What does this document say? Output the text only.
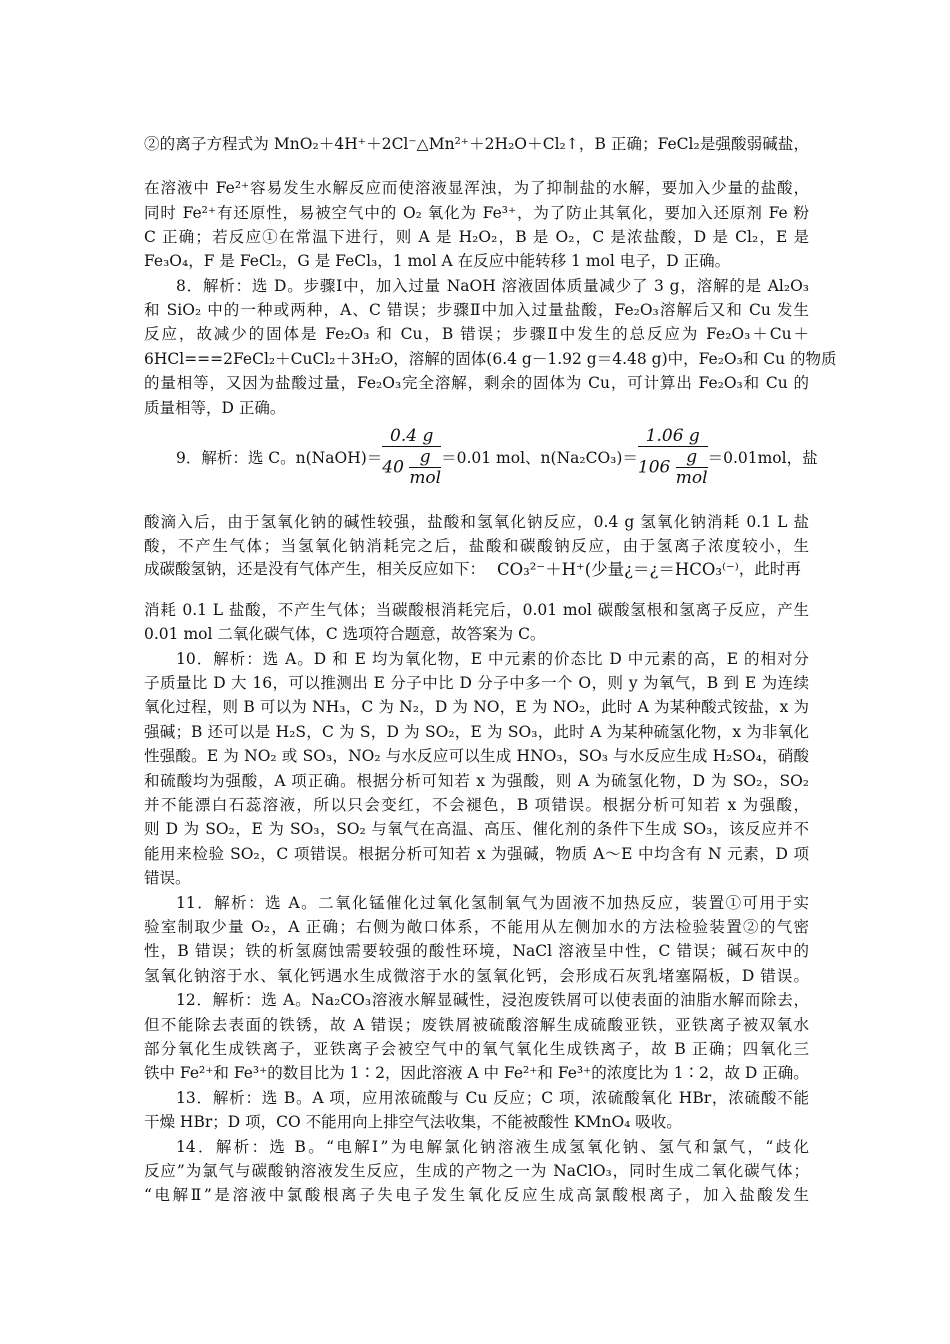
②的离子方程式为 MnO₂＋4H⁺＋2Cl⁻△Mn²⁺＋2H₂O＋Cl₂↑，B 正确；FeCl₂是强酸弱碱盐，
在溶液中 Fe²⁺容易发生水解反应而使溶液显浑浊，为了抑制盐的水解，要加入少量的盐酸，
同时 Fe²⁺有还原性，易被空气中的 O₂ 氧化为 Fe³⁺，为了防止其氧化，要加入还原剂 Fe 粉
C 正确；若反应①在常温下进行，则 A 是 H₂O₂，B 是 O₂，C 是浓盐酸，D 是 Cl₂，E 是
Fe₃O₄，F 是 FeCl₂，G 是 FeCl₃，1 mol A 在反应中能转移 1 mol 电子，D 正确。
8．解析：选 D。步骤Ⅰ中，加入过量 NaOH 溶液固体质量减少了 3 g，溶解的是 Al₂O₃
和 SiO₂ 中的一种或两种，A、C 错误；步骤Ⅱ中加入过量盐酸，Fe₂O₃溶解后又和 Cu 发生
反应，故减少的固体是 Fe₂O₃ 和 Cu，B 错误；步骤Ⅱ中发生的总反应为 Fe₂O₃＋Cu＋
6HCl===2FeCl₂＋CuCl₂＋3H₂O，溶解的固体(6.4 g－1.92 g＝4.48 g)中，Fe₂O₃和 Cu 的物质
的量相等，又因为盐酸过量，Fe₂O₃完全溶解，剩余的固体为 Cu，可计算出 Fe₂O₃和 Cu 的
质量相等，D 正确。
9．解析：选 C。n(NaOH)＝ 0.4 g
40
g
mol ＝0.01 mol、n(Na₂CO₃)＝ 1.06 g
106
g
mol ＝0.01mol，盐
酸滴入后，由于氢氧化钠的碱性较强，盐酸和氢氧化钠反应，0.4 g 氢氧化钠消耗 0.1 L 盐
酸，不产生气体；当氢氧化钠消耗完之后，盐酸和碳酸钠反应，由于氢离子浓度较小，生
成碳酸氢钠，还是没有气体产生，相关反应如下： CO₃²⁻＋H⁺(少量¿＝¿＝HCO₃⁽⁻⁾ ，此时再
消耗 0.1 L 盐酸，不产生气体；当碳酸根消耗完后，0.01 mol 碳酸氢根和氢离子反应，产生
0.01 mol 二氧化碳气体，C 选项符合题意，故答案为 C。
10．解析：选 A。D 和 E 均为氧化物，E 中元素的价态比 D 中元素的高，E 的相对分
子质量比 D 大 16，可以推测出 E 分子中比 D 分子中多一个 O，则 y 为氧气，B 到 E 为连续
氧化过程，则 B 可以为 NH₃，C 为 N₂，D 为 NO，E 为 NO₂，此时 A 为某种酸式铵盐，x 为
强碱；B 还可以是 H₂S，C 为 S，D 为 SO₂，E 为 SO₃，此时 A 为某种硫氢化物，x 为非氧化
性强酸。E 为 NO₂ 或 SO₃，NO₂ 与水反应可以生成 HNO₃，SO₃ 与水反应生成 H₂SO₄，硝酸
和硫酸均为强酸，A 项正确。根据分析可知若 x 为强酸，则 A 为硫氢化物，D 为 SO₂，SO₂
并不能漂白石蕊溶液，所以只会变红，不会褪色，B 项错误。根据分析可知若 x 为强酸，
则 D 为 SO₂，E 为 SO₃，SO₂ 与氧气在高温、高压、催化剂的条件下生成 SO₃，该反应并不
能用来检验 SO₂，C 项错误。根据分析可知若 x 为强碱，物质 A～E 中均含有 N 元素，D 项
错误。
11．解析：选 A。二氧化锰催化过氧化氢制氧气为固液不加热反应，装置①可用于实
验室制取少量 O₂，A 正确；右侧为敞口体系，不能用从左侧加水的方法检验装置②的气密
性，B 错误；铁的析氢腐蚀需要较强的酸性环境，NaCl 溶液呈中性，C 错误；碱石灰中的
氢氧化钠溶于水、氧化钙遇水生成微溶于水的氢氧化钙，会形成石灰乳堵塞隔板，D 错误。
12．解析：选 A。Na₂CO₃溶液水解显碱性，浸泡废铁屑可以使表面的油脂水解而除去，
但不能除去表面的铁锈，故 A 错误；废铁屑被硫酸溶解生成硫酸亚铁，亚铁离子被双氧水
部分氧化生成铁离子，亚铁离子会被空气中的氧气氧化生成铁离子，故 B 正确；四氧化三
铁中 Fe²⁺和 Fe³⁺的数目比为 1∶2，因此溶液 A 中 Fe²⁺和 Fe³⁺的浓度比为 1∶2，故 D 正确。
13．解析：选 B。A 项，应用浓硫酸与 Cu 反应；C 项，浓硫酸氧化 HBr，浓硫酸不能
干燥 HBr；D 项，CO 不能用向上排空气法收集，不能被酸性 KMnO₄ 吸收。
14．解析：选 B。“电解Ⅰ”为电解氯化钠溶液生成氢氧化钠、氢气和氯气，“歧化
反应”为氯气与碳酸钠溶液发生反应，生成的产物之一为 NaClO₃，同时生成二氧化碳气体；
“电解Ⅱ”是溶液中氯酸根离子失电子发生氧化反应生成高氯酸根离子，加入盐酸发生
